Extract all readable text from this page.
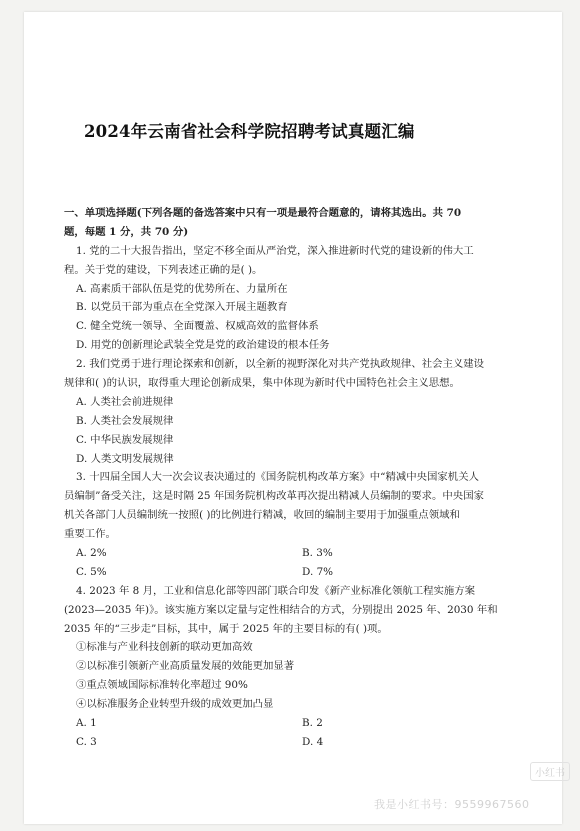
2024年云南省社会科学院招聘考试真题汇编
一、单项选择题(下列各题的备选答案中只有一项是最符合题意的，请将其选出。共 70
题，每题 1 分，共 70 分)
1. 党的二十大报告指出，坚定不移全面从严治党，深入推进新时代党的建设新的伟大工
程。关于党的建设，下列表述正确的是( )。
A. 高素质干部队伍是党的优势所在、力量所在
B. 以党员干部为重点在全党深入开展主题教育
C. 健全党统一领导、全面覆盖、权威高效的监督体系
D. 用党的创新理论武装全党是党的政治建设的根本任务
2. 我们党勇于进行理论探索和创新，以全新的视野深化对共产党执政规律、社会主义建设
规律和( )的认识，取得重大理论创新成果，集中体现为新时代中国特色社会主义思想。
A. 人类社会前进规律
B. 人类社会发展规律
C. 中华民族发展规律
D. 人类文明发展规律
3. 十四届全国人大一次会议表决通过的《国务院机构改革方案》中“精减中央国家机关人
员编制”备受关注，这是时隔 25 年国务院机构改革再次提出精减人员编制的要求。中央国家
机关各部门人员编制统一按照( )的比例进行精减，收回的编制主要用于加强重点领域和
重要工作。
A. 2%	B. 3%
C. 5%	D. 7%
4. 2023 年 8 月，工业和信息化部等四部门联合印发《新产业标准化领航工程实施方案
(2023—2035 年)》。该实施方案以定量与定性相结合的方式，分别提出 2025 年、2030 年和
2035 年的“三步走”目标，其中，属于 2025 年的主要目标的有( )项。
①标准与产业科技创新的联动更加高效
②以标准引领新产业高质量发展的效能更加显著
③重点领域国际标准转化率超过 90%
④以标准服务企业转型升级的成效更加凸显
A. 1	B. 2
C. 3	D. 4
小红书
我是小红书号：9559967560
